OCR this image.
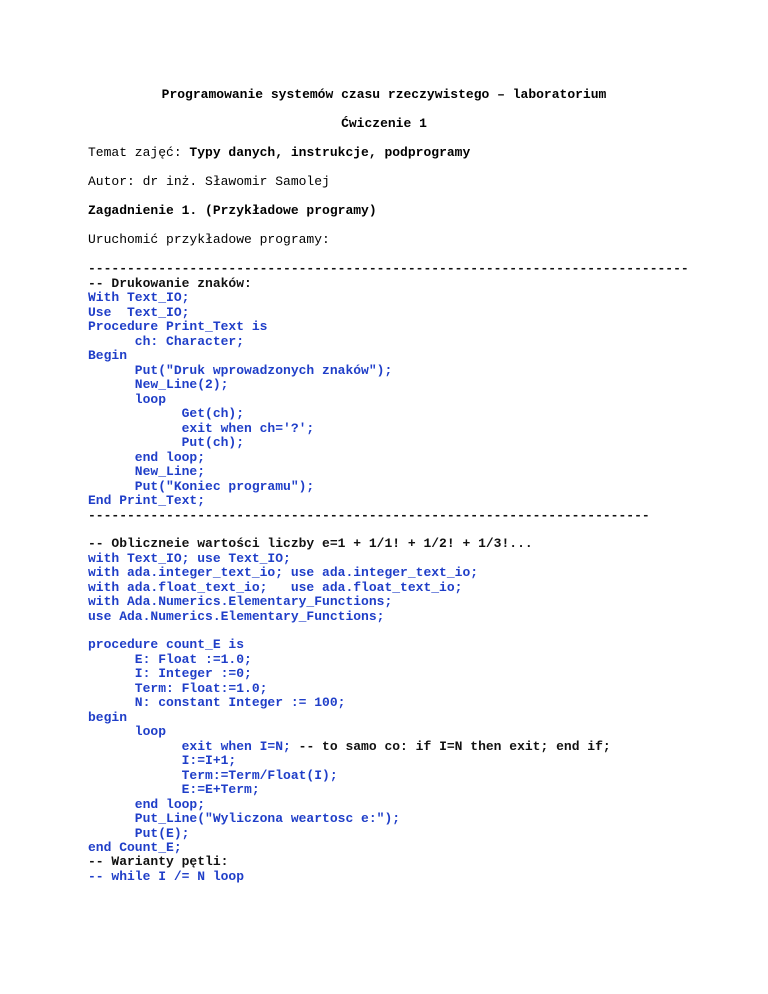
Programowanie systemów czasu rzeczywistego – laboratorium
Ćwiczenie 1
Temat zajęć: Typy danych, instrukcje, podprogramy
Autor: dr inż. Sławomir Samolej
Zagadnienie 1. (Przykładowe programy)
Uruchomić przykładowe programy:
-----------------------------------------------------------------------------
-- Drukowanie znaków:
With Text_IO;
Use  Text_IO;
Procedure Print_Text is
ch: Character;
Begin
Put("Druk wprowadzonych znaków");
New_Line(2);
loop
Get(ch);
exit when ch='?';
Put(ch);
end loop;
New_Line;
Put("Koniec programu");
End Print_Text;
------------------------------------------------------------------------
-- Obliczneie wartości liczby e=1 + 1/1! + 1/2! + 1/3!...
with Text_IO; use Text_IO;
with ada.integer_text_io; use ada.integer_text_io;
with ada.float_text_io;   use ada.float_text_io;
with Ada.Numerics.Elementary_Functions;
use Ada.Numerics.Elementary_Functions;
procedure count_E is
E: Float :=1.0;
I: Integer :=0;
Term: Float:=1.0;
N: constant Integer := 100;
begin
loop
exit when I=N; -- to samo co: if I=N then exit; end if;
I:=I+1;
Term:=Term/Float(I);
E:=E+Term;
end loop;
Put_Line("Wyliczona weartosc e:");
Put(E);
end Count_E;
-- Warianty pętli:
-- while I /= N loop
